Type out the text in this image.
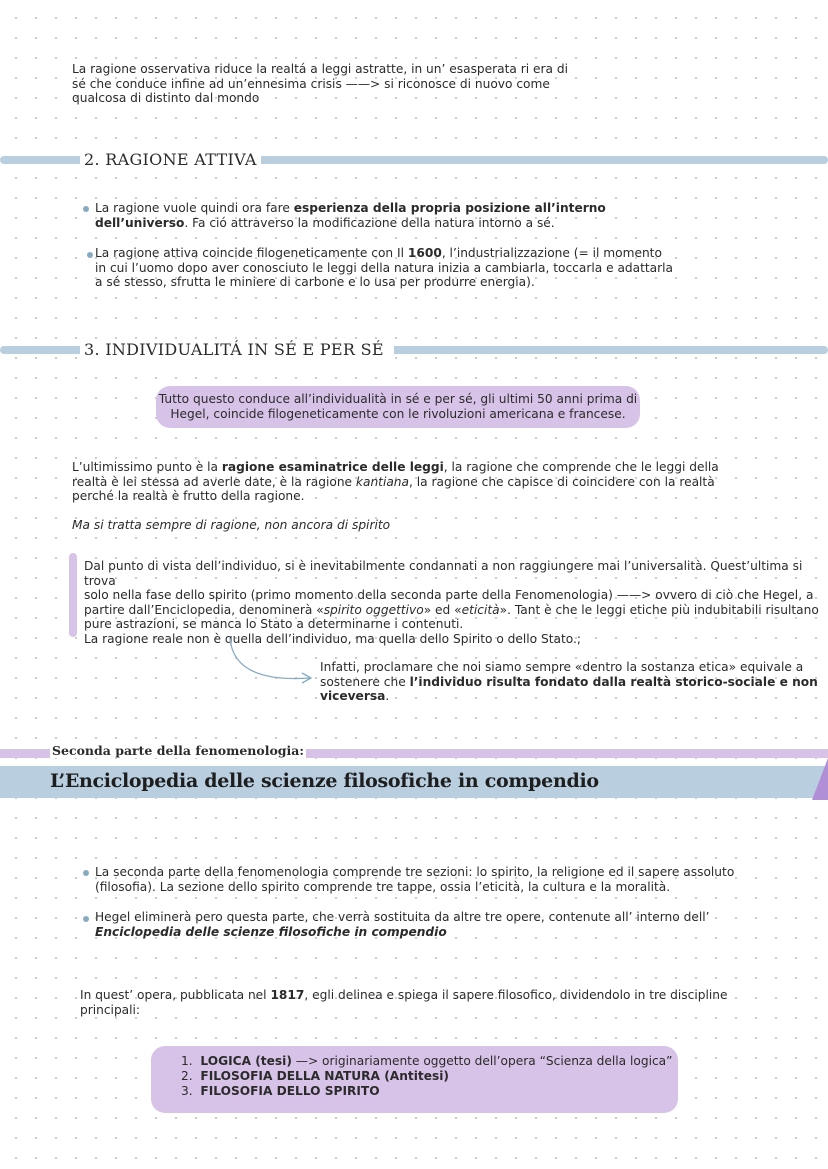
La ragione osservativa riduce la realtá a leggi astratte, in un’ esasperata ri era di
sé che conduce infine ad un’ennesima crisis ——> si riconosce di nuovo come
qualcosa di distinto dal mondo
2. RAGIONE ATTIVA
La ragione vuole quindi ora fare esperienza della propria posizione all’interno
dell’universo. Fa ció attraverso la modificazione della natura intorno a sé.
La ragione attiva coincide filogeneticamente con Il 1600, l’industrializzazione (= il momento
in cui l’uomo dopo aver conosciuto le leggi della natura inizia a cambiarla, toccarla e adattarla
a sé stesso, sfrutta le miniere di carbone e lo usa per produrre energia).
3. INDIVIDUALITÁ IN SÉ E PER SÉ
Tutto questo conduce all’individualità in sé e per sé, gli ultimi 50 anni prima di
Hegel, coincide filogeneticamente con le rivoluzioni americana e francese.
L’ultimissimo punto è la ragione esaminatrice delle leggi, la ragione che comprende che le leggi della
realtà è lei stessa ad averle date, è la ragione kantiana, la ragione che capisce di coincidere con la realtà
perché la realtà è frutto della ragione.
Ma si tratta sempre di ragione, non ancora di spirito
Dal punto di vista dell’individuo, si è inevitabilmente condannati a non raggiungere mai l’universalità. Quest’ultima si trova
solo nella fase dello spirito (primo momento della seconda parte della Fenomenologia) ——> ovvero di ciò che Hegel, a
partire dall’Enciclopedia, denominerà «spirito oggettivo» ed «eticità». Tant è che le leggi etiche più indubitabili risultano
pure astrazioni, se manca lo Stato a determinarne i contenuti.
La ragione reale non è quella dell’individuo, ma quella dello Spirito o dello Stato.;
Infatti, proclamare che noi siamo sempre «dentro la sostanza etica» equivale a
sostenere che l’individuo risulta fondato dalla realtà storico-sociale e non
viceversa.
Seconda parte della fenomenologia:
L’Enciclopedia delle scienze filosofiche in compendio
La seconda parte della fenomenologia comprende tre sezioni: lo spirito, la religione ed il sapere assoluto
(filosofia). La sezione dello spirito comprende tre tappe, ossia l’eticità, la cultura e la moralità.
Hegel eliminerà pero questa parte, che verrà sostituita da altre tre opere, contenute all’ interno dell’
Enciclopedia delle scienze filosofiche in compendio
In quest’ opera, pubblicata nel 1817, egli delinea e spiega il sapere filosofico, dividendolo in tre discipline
principali:
1. LOGICA (tesi) —> originariamente oggetto dell’opera “Scienza della logica”
2. FILOSOFIA DELLA NATURA (Antitesi)
3. FILOSOFIA DELLO SPIRITO
